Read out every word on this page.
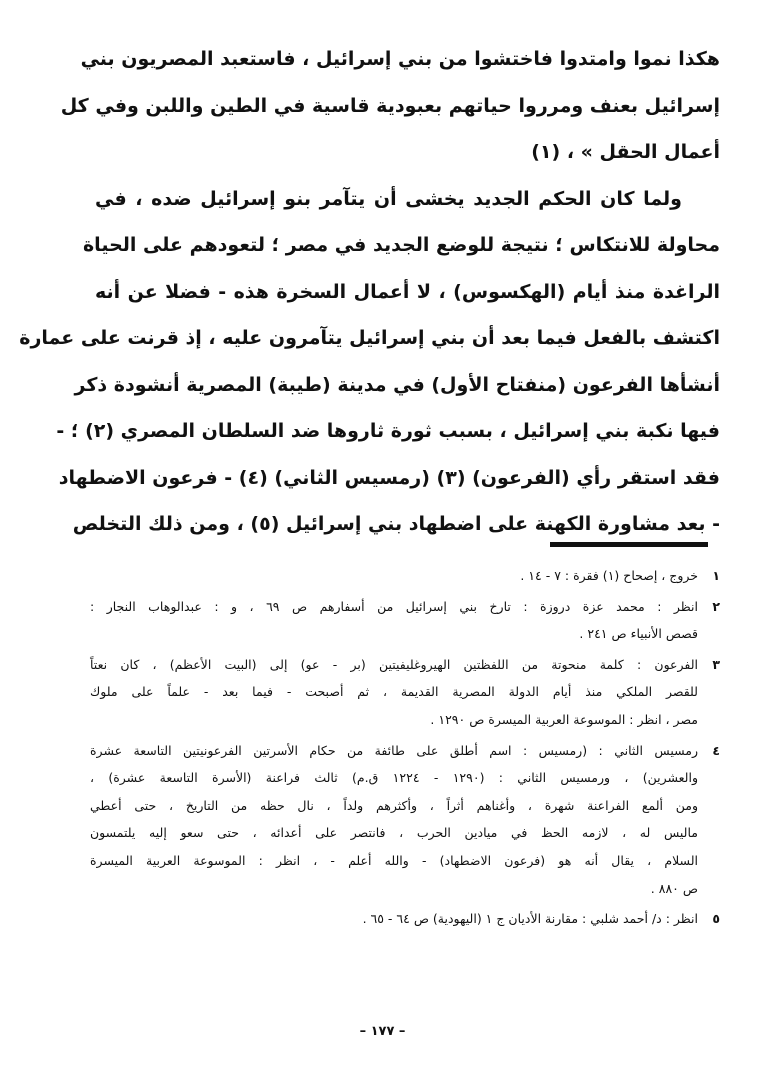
هكذا نموا وامتدوا فاختشوا من بني إسرائيل ، فاستعبد المصريون بني
إسرائيل بعنف ومرروا حياتهم بعبودية قاسية في الطين واللبن وفي كل
أعمال الحقل » ، (١)
ولما كان الحكم الجديد يخشى أن يتآمر بنو إسرائيل ضده ، في
محاولة للانتكاس ؛ نتيجة للوضع الجديد في مصر ؛ لتعودهم على الحياة
الراغدة منذ أيام (الهكسوس) ، لا أعمال السخرة هذه - فضلا عن أنه
اكتشف بالفعل فيما بعد أن بني إسرائيل يتآمرون عليه ، إذ قرنت على عمارة
أنشأها الفرعون (منفتاح الأول) في مدينة (طيبة) المصرية أنشودة ذكر
فيها نكبة بني إسرائيل ، بسبب ثورة ثاروها ضد السلطان المصري (٢) ؛ -
فقد استقر رأي (الفرعون) (٣) (رمسيس الثاني) (٤) - فرعون الاضطهاد
- بعد مشاورة الكهنة على اضطهاد بني إسرائيل (٥) ، ومن ذلك التخلص
١
خروج ، إصحاح (١) فقرة : ٧ - ١٤ .
٢
انظر : محمد عزة دروزة : تارخ بني إسرائيل من أسفارهم ص ٦٩ ، و : عبدالوهاب النجار :
قصص الأنبياء ص ٢٤١ .
٣
الفرعون : كلمة منحوتة من اللفظتين الهيروغليفيتين (بر - عو) إلى (البيت الأعظم) ، كان نعتاً
للقصر الملكي منذ أيام الدولة المصرية القديمة ، ثم أصبحت - فيما بعد - علماً على ملوك
مصر ، انظر : الموسوعة العربية الميسرة ص ١٢٩٠ .
٤
رمسيس الثاني : (رمسيس : اسم أطلق على طائفة من حكام الأسرتين الفرعونيتين التاسعة عشرة
والعشرين) ، ورمسيس الثاني : (١٢٩٠ - ١٢٢٤ ق.م) ثالث فراعنة (الأسرة التاسعة عشرة) ،
ومن ألمع الفراعنة شهرة ، وأغناهم أثراً ، وأكثرهم ولداً ، نال حظه من التاريخ ، حتى أعطي
ماليس له ، لازمه الحظ في ميادين الحرب ، فانتصر على أعدائه ، حتى سعو إليه يلتمسون
السلام ، يقال أنه هو (فرعون الاضطهاد) - والله أعلم - ، انظر : الموسوعة العربية الميسرة
ص ٨٨٠ .
٥
انظر : د/ أحمد شلبي : مقارنة الأديان ج ١ (اليهودية) ص ٦٤ - ٦٥ .
– ١٧٧ –
